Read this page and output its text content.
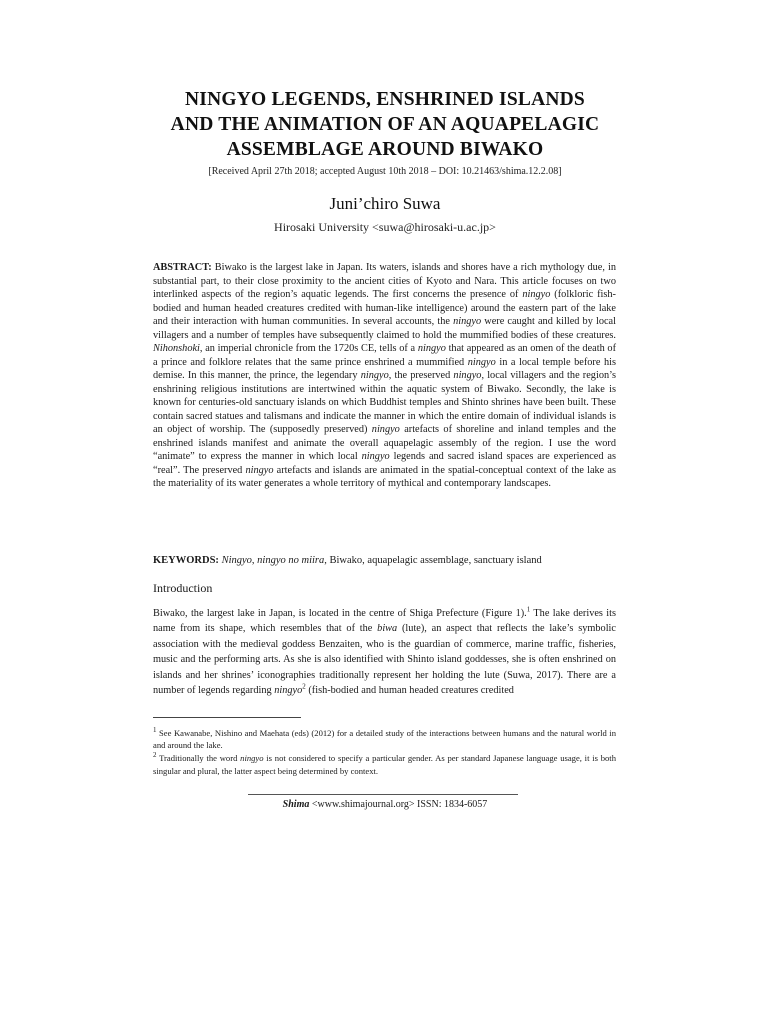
NINGYO LEGENDS, ENSHRINED ISLANDS
AND THE ANIMATION OF AN AQUAPELAGIC
ASSEMBLAGE AROUND BIWAKO
[Received April 27th 2018; accepted August 10th 2018 – DOI: 10.21463/shima.12.2.08]
Juni’chiro Suwa
Hirosaki University <suwa@hirosaki-u.ac.jp>
ABSTRACT: Biwako is the largest lake in Japan. Its waters, islands and shores have a rich mythology due, in substantial part, to their close proximity to the ancient cities of Kyoto and Nara. This article focuses on two interlinked aspects of the region’s aquatic legends. The first concerns the presence of ningyo (folkloric fish-bodied and human headed creatures credited with human-like intelligence) around the eastern part of the lake and their interaction with human communities. In several accounts, the ningyo were caught and killed by local villagers and a number of temples have subsequently claimed to hold the mummified bodies of these creatures. Nihonshoki, an imperial chronicle from the 1720s CE, tells of a ningyo that appeared as an omen of the death of a prince and folklore relates that the same prince enshrined a mummified ningyo in a local temple before his demise. In this manner, the prince, the legendary ningyo, the preserved ningyo, local villagers and the region’s enshrining religious institutions are intertwined within the aquatic system of Biwako. Secondly, the lake is known for centuries-old sanctuary islands on which Buddhist temples and Shinto shrines have been built. These contain sacred statues and talismans and indicate the manner in which the entire domain of individual islands is an object of worship. The (supposedly preserved) ningyo artefacts of shoreline and inland temples and the enshrined islands manifest and animate the overall aquapelagic assembly of the region. I use the word “animate” to express the manner in which local ningyo legends and sacred island spaces are experienced as “real”. The preserved ningyo artefacts and islands are animated in the spatial-conceptual context of the lake as the materiality of its water generates a whole territory of mythical and contemporary landscapes.
KEYWORDS: Ningyo, ningyo no miira, Biwako, aquapelagic assemblage, sanctuary island
Introduction
Biwako, the largest lake in Japan, is located in the centre of Shiga Prefecture (Figure 1).$^1$ The lake derives its name from its shape, which resembles that of the biwa (lute), an aspect that reflects the lake’s symbolic association with the medieval goddess Benzaiten, who is the guardian of commerce, marine traffic, fisheries, music and the performing arts. As she is also identified with Shinto island goddesses, she is often enshrined on islands and her shrines’ iconographies traditionally represent her holding the lute (Suwa, 2017). There are a number of legends regarding ningyo$^2$ (fish-bodied and human headed creatures credited

$^1$ See Kawanabe, Nishino and Maehata (eds) (2012) for a detailed study of the interactions between humans and the natural world in and around the lake.

$^2$ Traditionally the word ningyo is not considered to specify a particular gender. As per standard Japanese language usage, it is both singular and plural, the latter aspect being determined by context.

Shima <www.shimajournal.org> ISSN: 1834-6057
